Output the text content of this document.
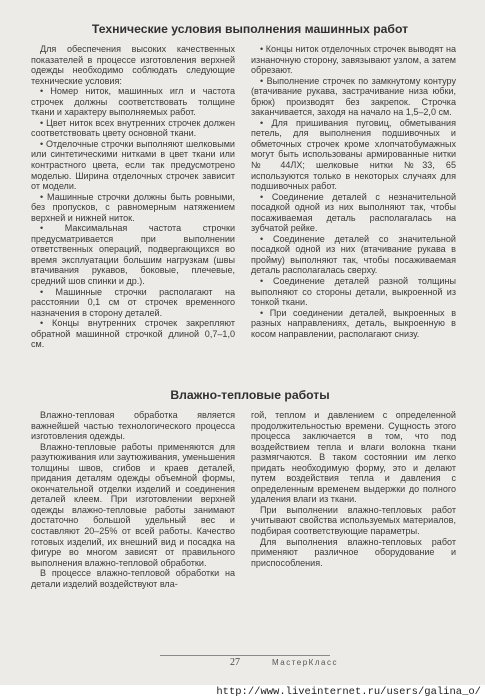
Технические условия выполнения машинных работ

Для обеспечения высоких качественных показателей в процессе изготовления верхней одежды необходимо соблюдать следующие технические условия:

• Номер ниток, машинных игл и частота строчек должны соответствовать толщине ткани и характеру выполняемых работ.

• Цвет ниток всех внутренних строчек должен соответствовать цвету основной ткани.

• Отделочные строчки выполняют шелковыми или синтетическими нитками в цвет ткани или контрастного цвета, если так предусмотрено моделью. Ширина отделочных строчек зависит от модели.

• Машинные строчки должны быть ровными, без пропусков, с равномерным натяжением верхней и нижней ниток.

• Максимальная частота строчки предусматривается при выполнении ответственных операций, подвергающихся во время эксплуатации большим нагрузкам (швы втачивания рукавов, боковые, плечевые, средний шов спинки и др.).

• Машинные строчки располагают на расстоянии 0,1 см от строчек временного назначения в сторону деталей.

• Концы внутренних строчек закрепляют обратной машинной строчкой длиной 0,7–1,0 см.

• Концы ниток отделочных строчек выводят на изнаночную сторону, завязывают узлом, а затем обрезают.

• Выполнение строчек по замкнутому контуру (втачивание рукава, застрачивание низа юбки, брюк) производят без закрепок. Строчка заканчивается, заходя на начало на 1,5–2,0 см.

• Для пришивания пуговиц, обметывания петель, для выполнения подшивочных и обметочных строчек кроме хлопчатобумажных могут быть использованы армированные нитки № 44ЛХ; шелковые нитки №33, 65 используются только в некоторых случаях для подшивочных работ.

• Соединение деталей с незначительной посадкой одной из них выполняют так, чтобы посаживаемая деталь располагалась на зубчатой рейке.

• Соединение деталей со значительной посадкой одной из них (втачивание рукава в пройму) выполняют так, чтобы посаживаемая деталь располагалась сверху.

• Соединение деталей разной толщины выполняют со стороны детали, выкроенной из тонкой ткани.

• При соединении деталей, выкроенных в разных направлениях, деталь, выкроенную в косом направлении, располагают снизу.

Влажно-тепловые работы

Влажно-тепловая обработка является важнейшей частью технологического процесса изготовления одежды.

Влажно-тепловые работы применяются для разутюживания или заутюживания, уменьшения толщины швов, сгибов и краев деталей, придания деталям одежды объемной формы, окончательной отделки изделий и соединения деталей клеем. При изготовлении верхней одежды влажно-тепловые работы занимают достаточно большой удельный вес и составляют 20–25% от всей работы. Качество готовых изделий, их внешний вид и посадка на фигуре во многом зависят от правильного выполнения влажно-тепловой обработки.

В процессе влажно-тепловой обработки на детали изделий воздействуют вла-

гой, теплом и давлением с определенной продолжительностью времени. Сущность этого процесса заключается в том, что под воздействием тепла и влаги волокна ткани размягчаются. В таком состоянии им легко придать необходимую форму, это и делают путем воздействия тепла и давления с определенным временем выдержки до полного удаления влаги из ткани.

При выполнении влажно-тепловых работ учитывают свойства используемых материалов, подбирая соответствующие параметры.

Для выполнения влажно-тепловых работ применяют различное оборудование и приспособления.

27	МастерКласс
http://www.liveinternet.ru/users/galina_o/
